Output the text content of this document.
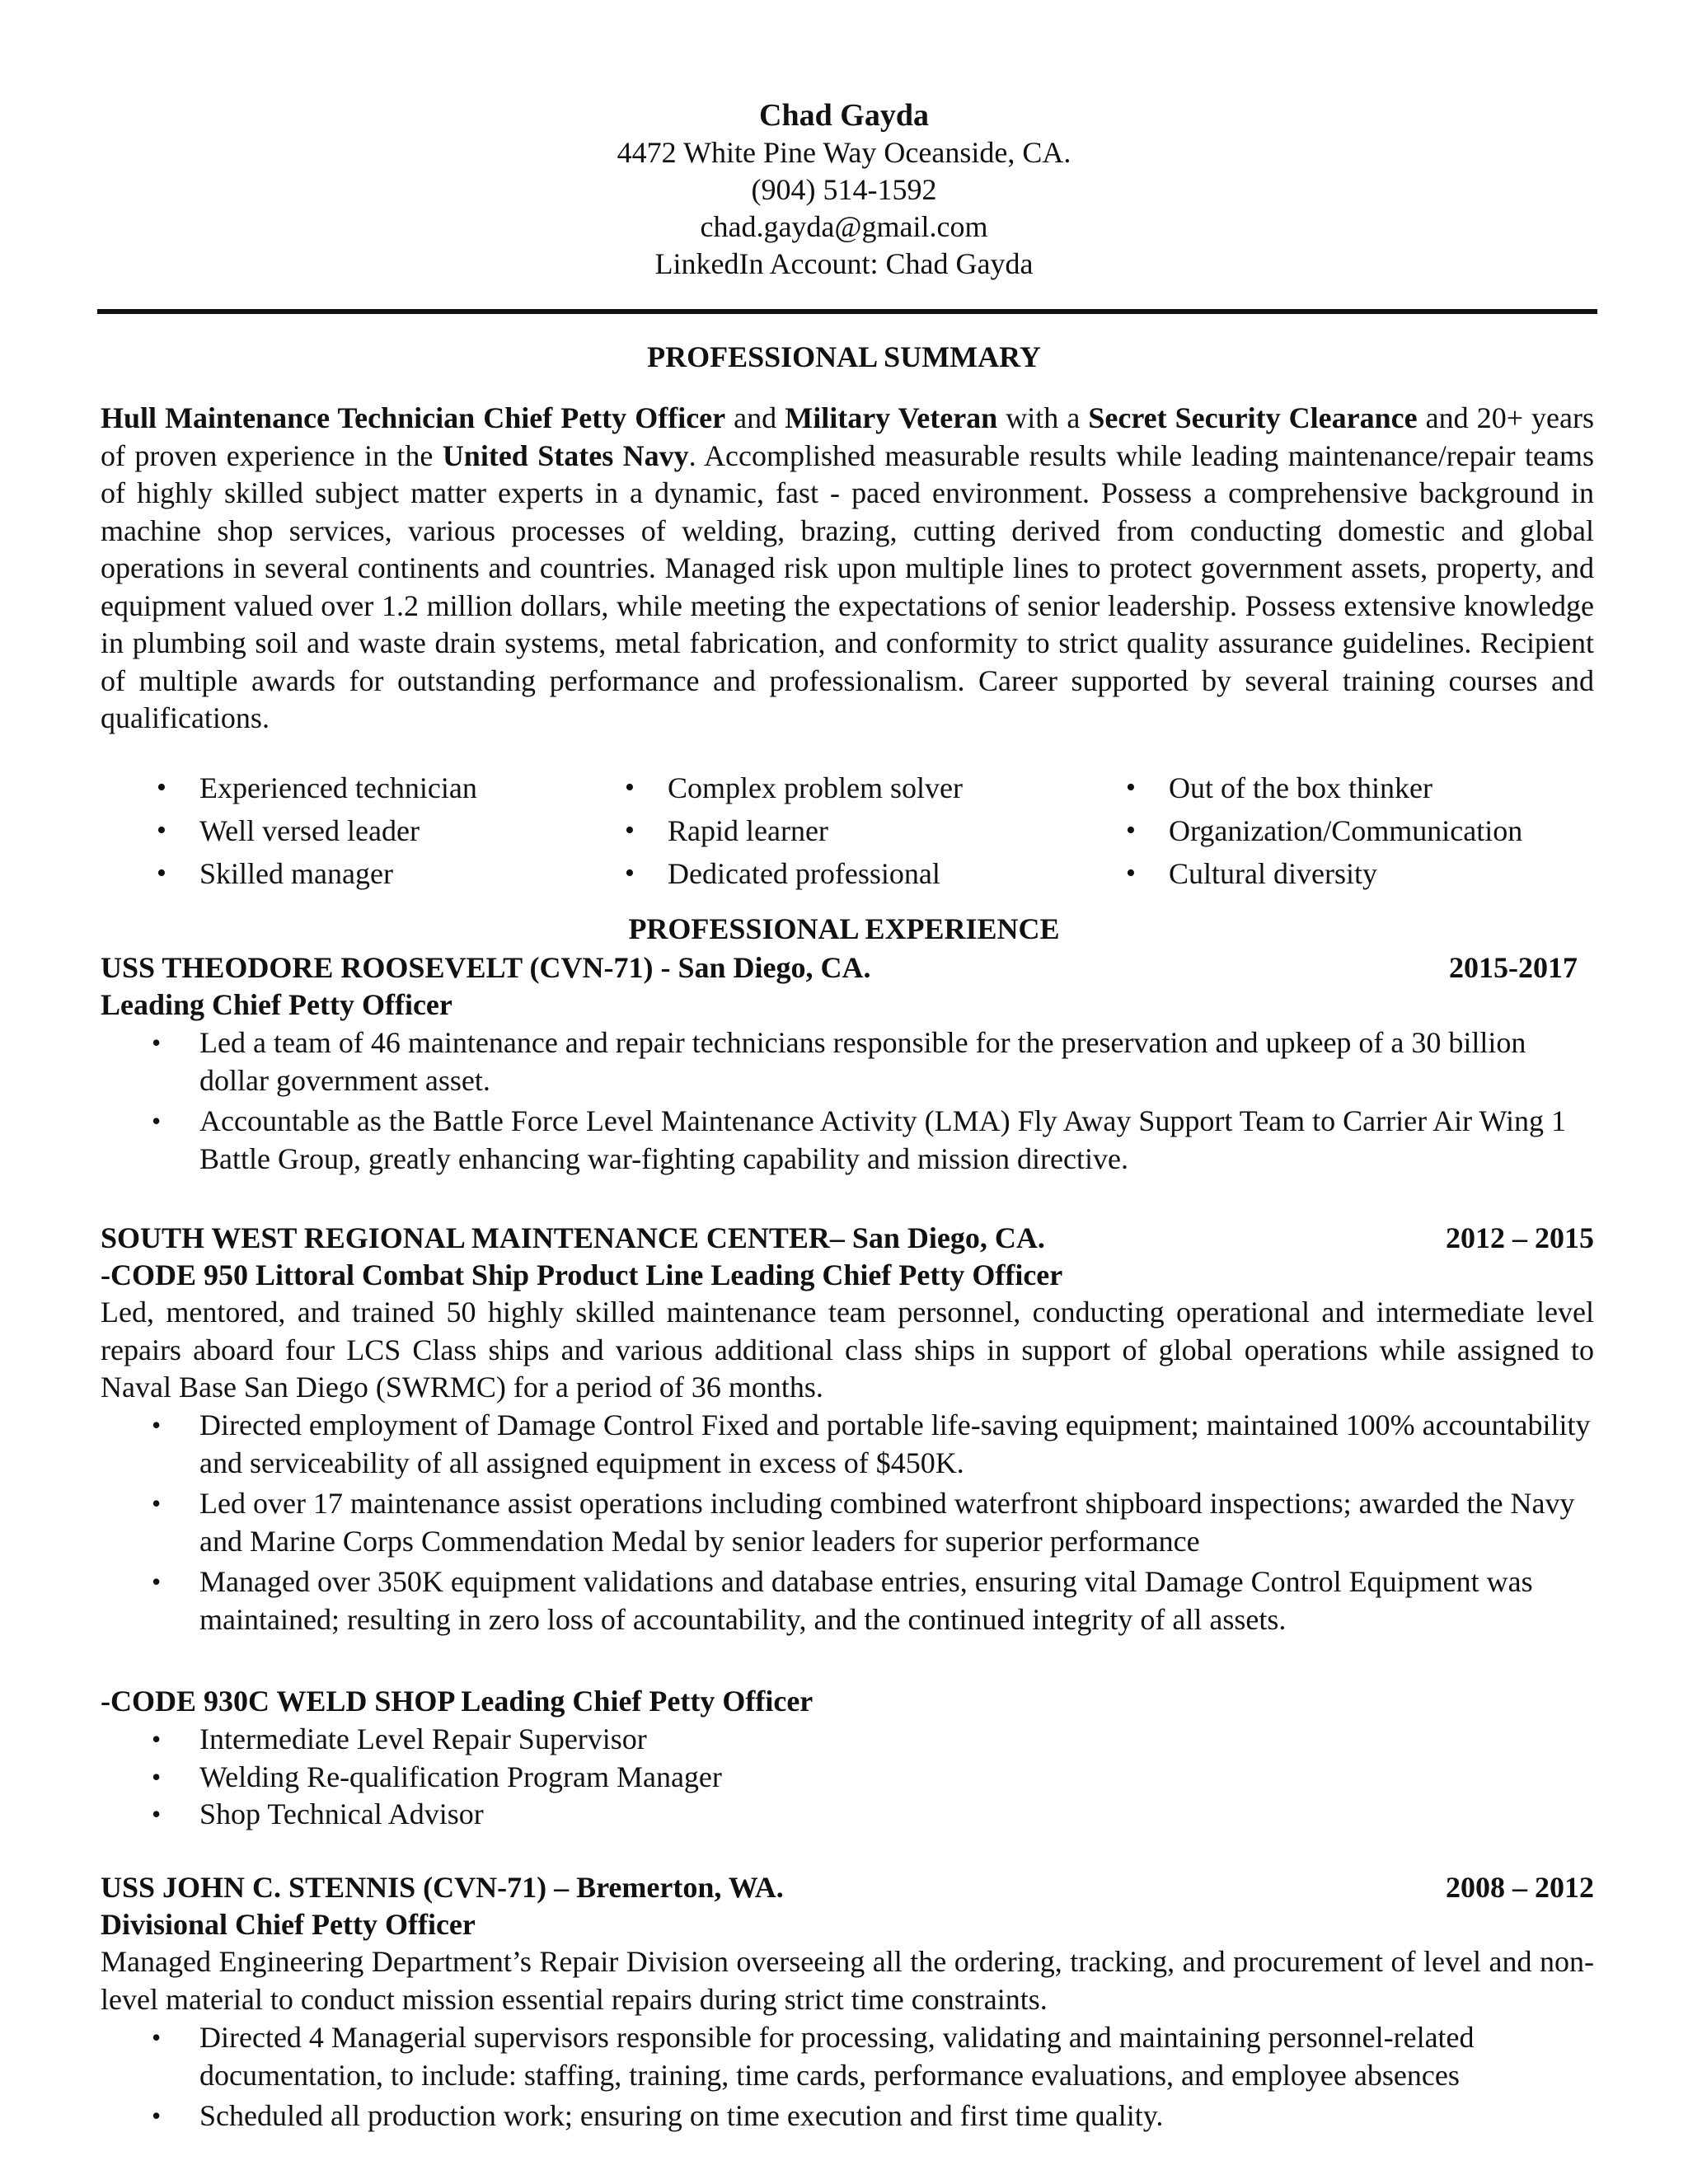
Chad Gayda
4472 White Pine Way Oceanside, CA.
(904) 514-1592
chad.gayda@gmail.com
LinkedIn Account: Chad Gayda
PROFESSIONAL SUMMARY
Hull Maintenance Technician Chief Petty Officer and Military Veteran with a Secret Security Clearance and 20+ years of proven experience in the United States Navy. Accomplished measurable results while leading maintenance/repair teams of highly skilled subject matter experts in a dynamic, fast - paced environment. Possess a comprehensive background in machine shop services, various processes of welding, brazing, cutting derived from conducting domestic and global operations in several continents and countries. Managed risk upon multiple lines to protect government assets, property, and equipment valued over 1.2 million dollars, while meeting the expectations of senior leadership. Possess extensive knowledge in plumbing soil and waste drain systems, metal fabrication, and conformity to strict quality assurance guidelines. Recipient of multiple awards for outstanding performance and professionalism. Career supported by several training courses and qualifications.
• Experienced technician
• Well versed leader
• Skilled manager
• Complex problem solver
• Rapid learner
• Dedicated professional
• Out of the box thinker
• Organization/Communication
• Cultural diversity
PROFESSIONAL EXPERIENCE
USS THEODORE ROOSEVELT (CVN-71) - San Diego, CA.	2015-2017
Leading Chief Petty Officer
• Led a team of 46 maintenance and repair technicians responsible for the preservation and upkeep of a 30 billion dollar government asset.
• Accountable as the Battle Force Level Maintenance Activity (LMA) Fly Away Support Team to Carrier Air Wing 1 Battle Group, greatly enhancing war-fighting capability and mission directive.
SOUTH WEST REGIONAL MAINTENANCE CENTER– San Diego, CA.	2012 – 2015
-CODE 950 Littoral Combat Ship Product Line Leading Chief Petty Officer
Led, mentored, and trained 50 highly skilled maintenance team personnel, conducting operational and intermediate level repairs aboard four LCS Class ships and various additional class ships in support of global operations while assigned to Naval Base San Diego (SWRMC) for a period of 36 months.
• Directed employment of Damage Control Fixed and portable life-saving equipment; maintained 100% accountability and serviceability of all assigned equipment in excess of $450K.
• Led over 17 maintenance assist operations including combined waterfront shipboard inspections; awarded the Navy and Marine Corps Commendation Medal by senior leaders for superior performance
• Managed over 350K equipment validations and database entries, ensuring vital Damage Control Equipment was maintained; resulting in zero loss of accountability, and the continued integrity of all assets.
-CODE 930C WELD SHOP Leading Chief Petty Officer
• Intermediate Level Repair Supervisor
• Welding Re-qualification Program Manager
• Shop Technical Advisor
USS JOHN C. STENNIS (CVN-71) – Bremerton, WA.	2008 – 2012
Divisional Chief Petty Officer
Managed Engineering Department’s Repair Division overseeing all the ordering, tracking, and procurement of level and non-level material to conduct mission essential repairs during strict time constraints.
• Directed 4 Managerial supervisors responsible for processing, validating and maintaining personnel-related documentation, to include: staffing, training, time cards, performance evaluations, and employee absences
• Scheduled all production work; ensuring on time execution and first time quality.
